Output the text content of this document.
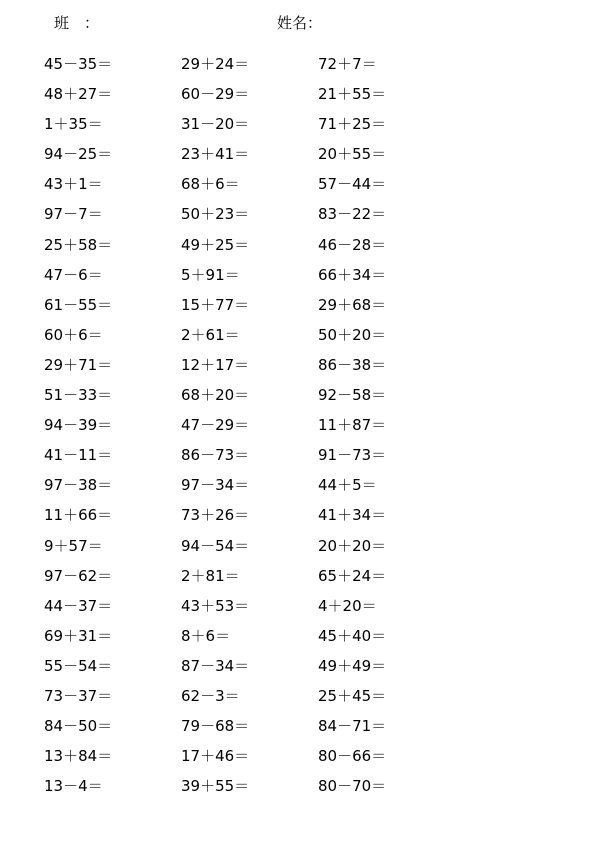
班　：	姓名：
45－35＝
48＋27＝
1＋35＝
94－25＝
43＋1＝
97－7＝
25＋58＝
47－6＝
61－55＝
60＋6＝
29＋71＝
51－33＝
94－39＝
41－11＝
97－38＝
11＋66＝
9＋57＝
97－62＝
44－37＝
69＋31＝
55－54＝
73－37＝
84－50＝
13＋84＝
13－4＝
29＋24＝
60－29＝
31－20＝
23＋41＝
68＋6＝
50＋23＝
49＋25＝
5＋91＝
15＋77＝
2＋61＝
12＋17＝
68＋20＝
47－29＝
86－73＝
97－34＝
73＋26＝
94－54＝
2＋81＝
43＋53＝
8＋6＝
87－34＝
62－3＝
79－68＝
17＋46＝
39＋55＝
72＋7＝
21＋55＝
71＋25＝
20＋55＝
57－44＝
83－22＝
46－28＝
66＋34＝
29＋68＝
50＋20＝
86－38＝
92－58＝
11＋87＝
91－73＝
44＋5＝
41＋34＝
20＋20＝
65＋24＝
4＋20＝
45＋40＝
49＋49＝
25＋45＝
84－71＝
80－66＝
80－70＝
